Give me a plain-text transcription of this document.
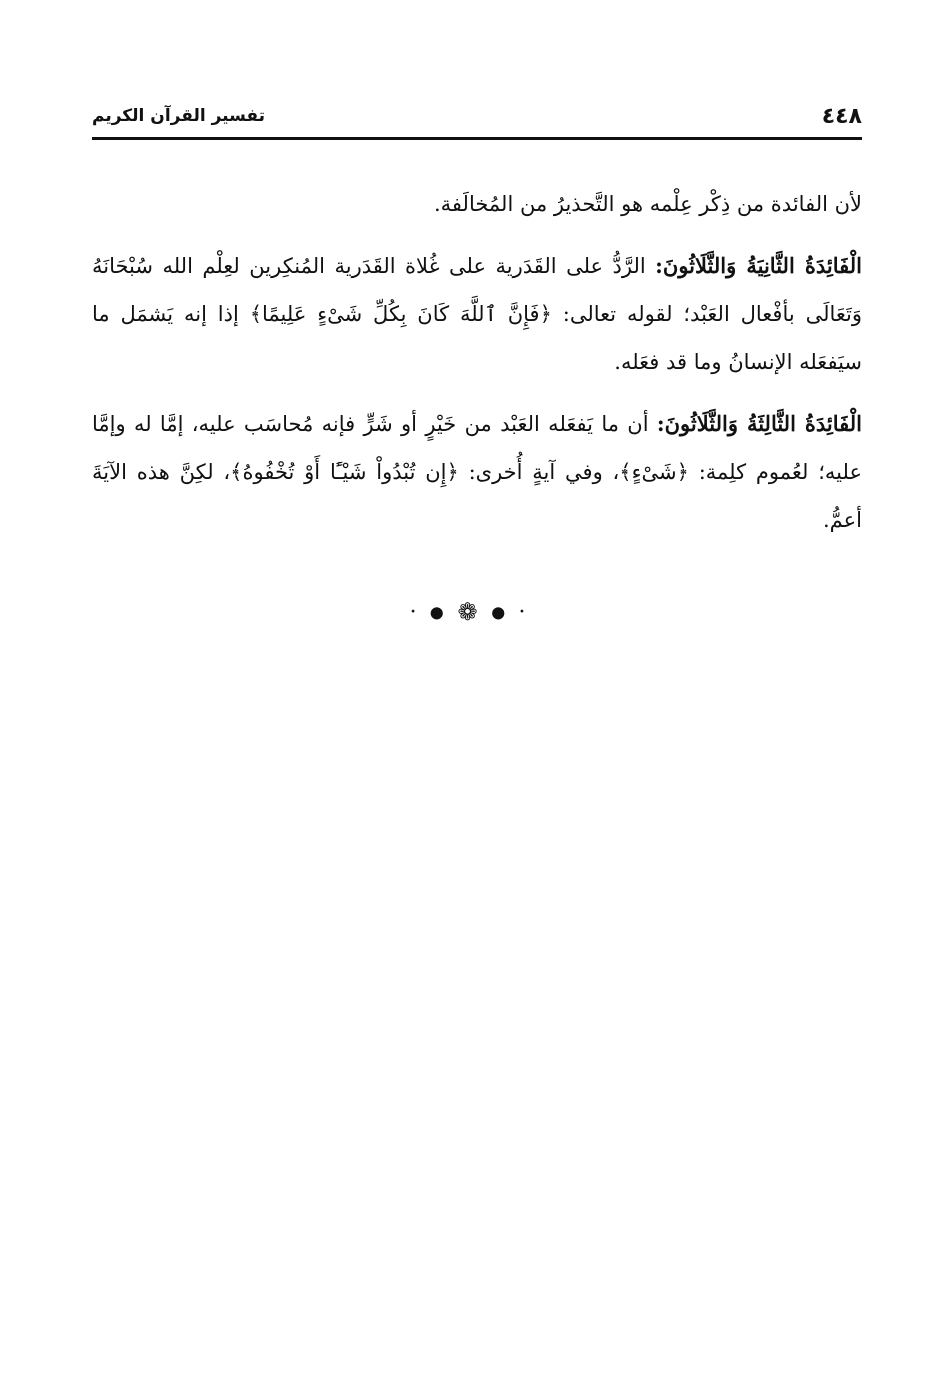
٤٤٨
تفسير القرآن الكريم

لأن الفائدة من ذِكْر عِلْمه هو التَّحذيرُ من المُخالَفة.

الْفَائِدَةُ الثَّانِيَةُ وَالثَّلَاثُونَ: الرَّدُّ على القَدَرية على غُلاة القَدَرية المُنكِرين لعِلْم الله سُبْحَانَهُ وَتَعَالَى بأفْعال العَبْد؛ لقوله تعالى: ﴿فَإِنَّ ٱللَّهَ كَانَ بِكُلِّ شَىْءٍ عَلِيمًا﴾ إذا إنه يَشمَل ما سيَفعَله الإنسانُ وما قد فعَله.

الْفَائِدَةُ الثَّالِثَةُ وَالثَّلَاثُونَ: أن ما يَفعَله العَبْد من خَيْرٍ أو شَرٍّ فإنه مُحاسَب عليه، إمَّا له وإمَّا عليه؛ لعُموم كلِمة: ﴿شَىْءٍ﴾، وفي آيةٍ أُخرى: ﴿إِن تُبْدُواْ شَيْـًٔا أَوْ تُخْفُوهُ﴾، لكِنَّ هذه الآيَةَ أعمُّ.

• ● ❁ ● •
